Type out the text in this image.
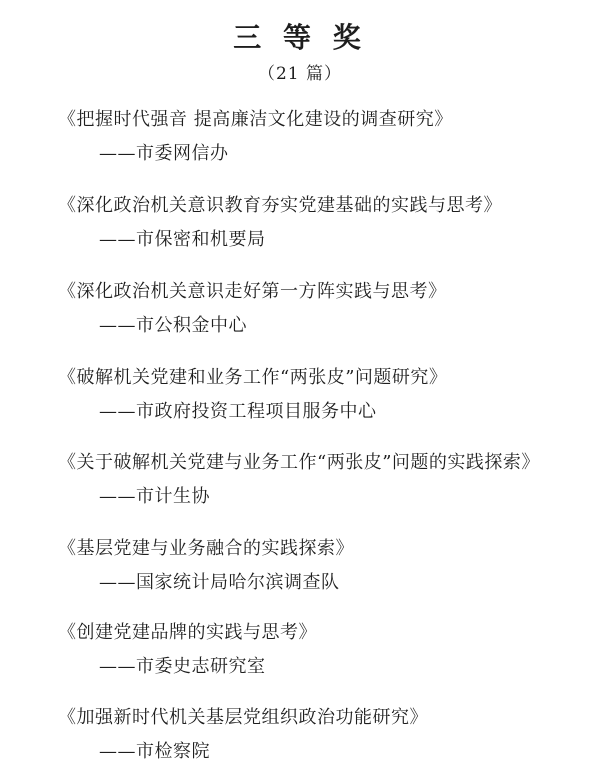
三 等 奖
（21 篇）
《把握时代强音 提高廉洁文化建设的调查研究》
——市委网信办
《深化政治机关意识教育夯实党建基础的实践与思考》
——市保密和机要局
《深化政治机关意识走好第一方阵实践与思考》
——市公积金中心
《破解机关党建和业务工作“两张皮”问题研究》
——市政府投资工程项目服务中心
《关于破解机关党建与业务工作“两张皮”问题的实践探索》
——市计生协
《基层党建与业务融合的实践探索》
——国家统计局哈尔滨调查队
《创建党建品牌的实践与思考》
——市委史志研究室
《加强新时代机关基层党组织政治功能研究》
——市检察院
